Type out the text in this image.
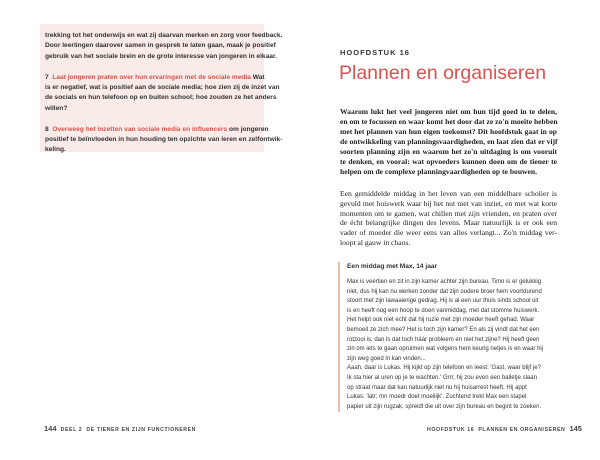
trekking tot het onderwijs en wat zij daarvan merken en zorg voor feedback.
Door leerlingen daarover samen in gesprek te laten gaan, maak je positief
gebruik van het sociale brein en de grote interesse van jongeren in elkaar.

7 Laat jongeren praten over hun ervaringen met de sociale media Wat
is er negatief, wat is positief aan de sociale media; hoe zien zij de inzet van
de socials en hun telefoon op en buiten school; hoe zouden ze het anders
willen?

8 Overweeg het inzetten van sociale media en influencers om jongeren
positief te beïnvloeden in hun houding ten opzichte van leren en zelfontwik-
keling.

144 DEEL 2 DE TIENER EN ZIJN FUNCTIONEREN
HOOFDSTUK 16
Plannen en organiseren
Waarom lukt het veel jongeren niet om hun tijd goed in te delen,
en om te focussen en waar komt het door dat ze zo'n moeite hebben
met het plannen van hun eigen toekomst? Dit hoofdstuk gaat in op
de ontwikkeling van planningsvaardigheden, en laat zien dat er vijf
soorten planning zijn en waarom het zo'n uitdaging is om vooruit
te denken, en vooral: wat opvoeders kunnen doen om de tiener te
helpen om de complexe planningvaardigheden op te bouwen.
Een gemiddelde middag in het leven van een middelbare scholier is
gevuld met huiswerk waar hij het nut niet van inziet, en met wat korte
momenten om te gamen, wat chillen met zijn vrienden, en praten over
de écht belangrijke dingen des levens. Maar natuurlijk is er ook een
vader of moeder die weer eens van alles verlangt... Zo'n middag ver-
loopt al gauw in chaos.
Een middag met Max, 14 jaar
Max is veertien en zit in zijn kamer achter zijn bureau. Timo is er gelukkig
niet, dus hij kan nu werken zonder dat zijn oudere broer hem voortdurend
stoort met zijn lawaaierige gedrag. Hij is al een uur thuis sinds school uit
is en heeft nog een hoop te doen vanmiddag, met dat stomme huiswerk.
Het helpt ook niet echt dat hij ruzie met zijn moeder heeft gehad. Waar
bemoeit ze zich mee? Het is toch zijn kamer? En als zij vindt dat het een
rotzooi is, dan is dat toch háár probleem en niet het zijne? Hij heeft geen
zin om iets te gaan opruimen wat volgens hem keurig netjes is en waar hij
zijn weg goed in kan vinden...
Aaah, daar is Lukas. Hij kijkt op zijn telefoon en leest: 'Gast, waar blijf je?
Ik sta hier al uren op je te wachten.' Grrr, hij zou even een balletje slaan
op straat maar dat kan natuurlijk niet nu hij huisarrest heeft. Hij appt
Lukas: 'latr; mn moedr doet moeilijk'. Zuchtend trekt Max een stapel
papier uit zijn rugzak, spreidt die uit over zijn bureau en begint te zoeken.
HOOFDSTUK 16 PLANNEN EN ORGANISEREN 145
